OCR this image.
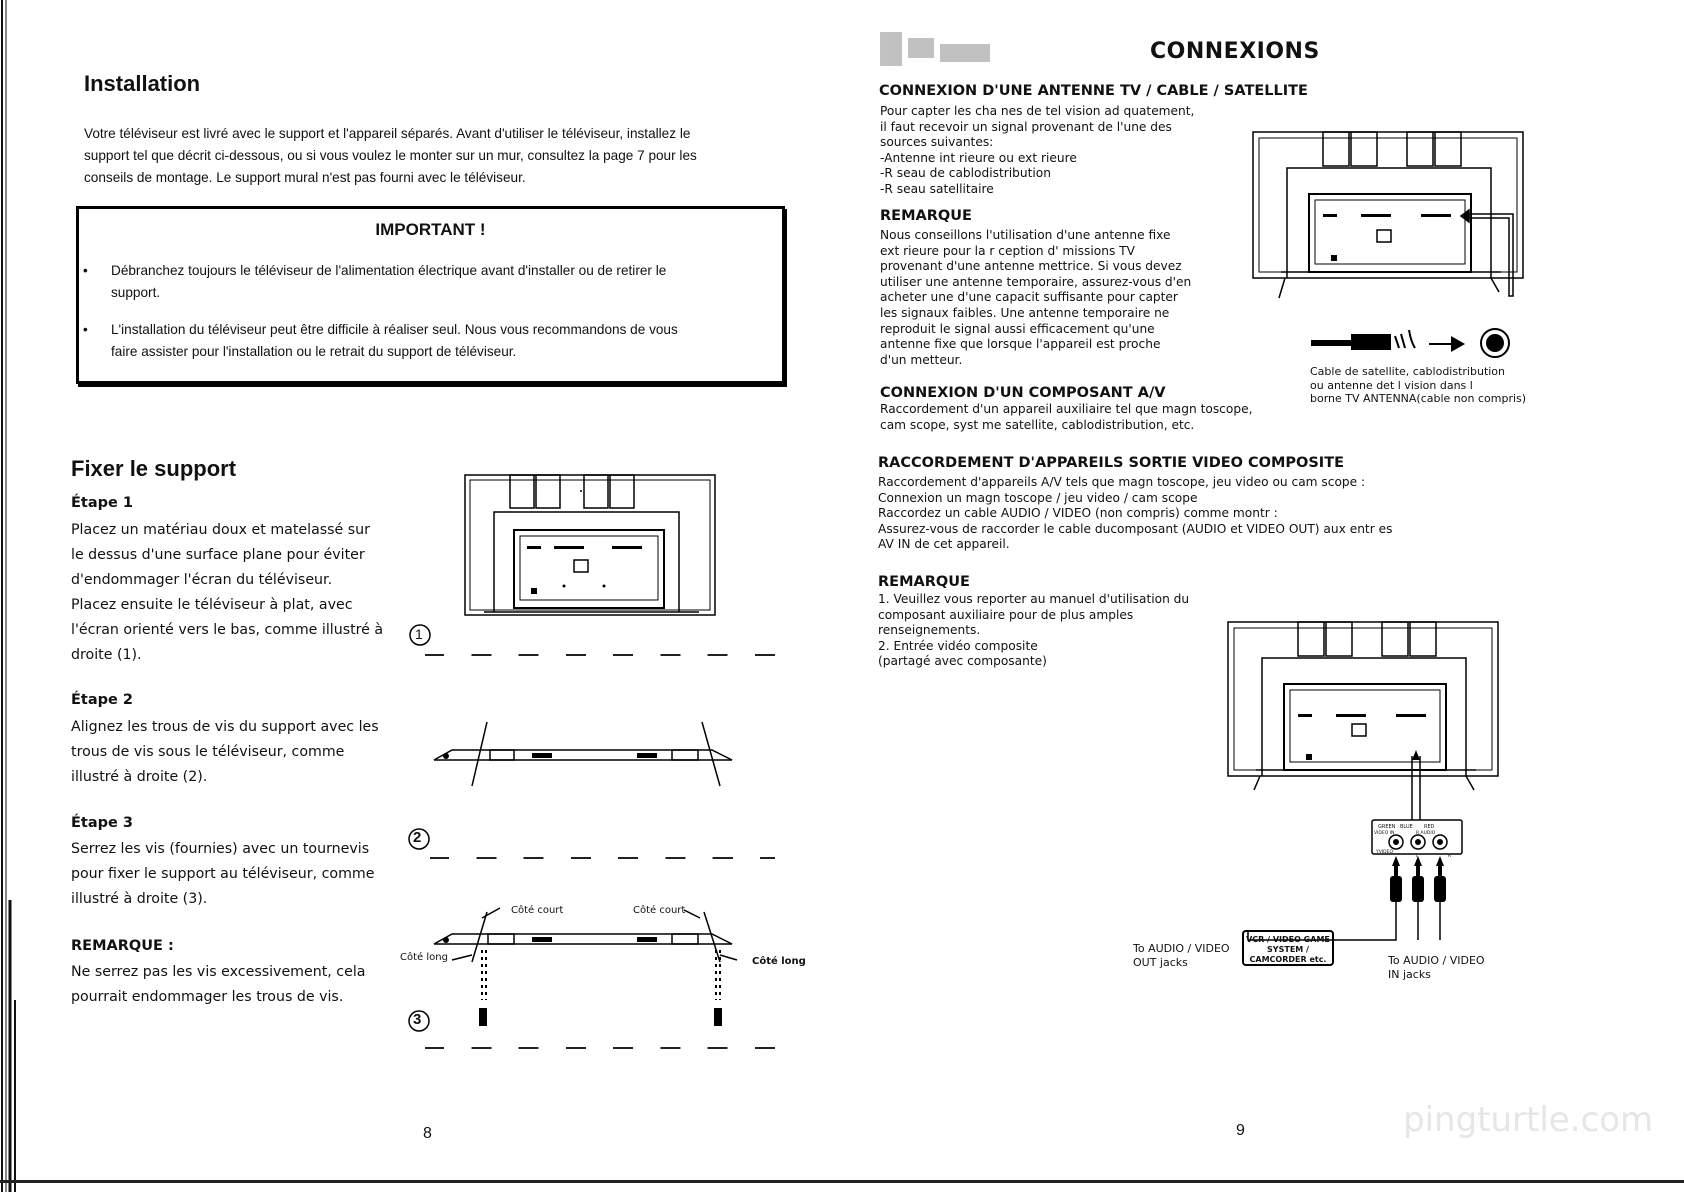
Installation
Votre téléviseur est livré avec le support et l'appareil séparés. Avant d'utiliser le téléviseur, installez le
support tel que décrit ci-dessous, ou si vous voulez le monter sur un mur, consultez la page 7 pour les
conseils de montage. Le support mural n'est pas fourni avec le téléviseur.
IMPORTANT !
• Débranchez toujours le téléviseur de l'alimentation électrique avant d'installer ou de retirer le
support.
• L'installation du téléviseur peut être difficile à réaliser seul. Nous vous recommandons de vous
faire assister pour l'installation ou le retrait du support de téléviseur.
Fixer le support
Étape 1
Placez un matériau doux et matelassé sur
le dessus d'une surface plane pour éviter
d'endommager l'écran du téléviseur.
Placez ensuite le téléviseur à plat, avec
l'écran orienté vers le bas, comme illustré à
droite (1).
Étape 2
Alignez les trous de vis du support avec les
trous de vis sous le téléviseur, comme
illustré à droite (2).
Étape 3
Serrez les vis (fournies) avec un tournevis
pour fixer le support au téléviseur, comme
illustré à droite (3).
REMARQUE :
Ne serrez pas les vis excessivement, cela
pourrait endommager les trous de vis.
1
2
Côté court	Côté court
Côté long	Côté long
3
8
CONNEXIONS
CONNEXION D'UNE ANTENNE TV / CABLE / SATELLITE
Pour capter les cha nes de tel vision ad quatement,
il faut recevoir un signal provenant de l'une des
sources suivantes:
-Antenne int rieure ou ext rieure
-R seau de cablodistribution
-R seau satellitaire
REMARQUE
Nous conseillons l'utilisation d'une antenne fixe
ext rieure pour la r ception d' missions TV
provenant d'une antenne mettrice. Si vous devez
utiliser une antenne temporaire, assurez-vous d'en
acheter une d'une capacit suffisante pour capter
les signaux faibles. Une antenne temporaire ne
reproduit le signal aussi efficacement qu'une
antenne fixe que lorsque l'appareil est proche
d'un metteur.
Cable de satellite, cablodistribution
ou antenne det l vision dans l
borne TV ANTENNA(cable non compris)
CONNEXION D'UN COMPOSANT A/V
Raccordement d'un appareil auxiliaire tel que magn toscope,
cam scope, syst me satellite, cablodistribution, etc.
RACCORDEMENT D'APPAREILS SORTIE VIDEO COMPOSITE
Raccordement d'appareils A/V tels que magn toscope, jeu video ou cam scope :
Connexion un magn toscope / jeu video / cam scope
Raccordez un cable AUDIO / VIDEO (non compris) comme montr :
Assurez-vous de raccorder le cable ducomposant (AUDIO et VIDEO OUT) aux entr es
AV IN de cet appareil.
REMARQUE
1. Veuillez vous reporter au manuel d'utilisation du
composant auxiliaire pour de plus amples
renseignements.
2. Entrée vidéo composite
(partagé avec composante)
GREEN BLUE RED
VIDEO IN	R AUDIO
L	R
YVIDEO
VCR / VIDEO GAME
SYSTEM /
CAMCORDER etc.
To AUDIO / VIDEO
OUT jacks	To AUDIO / VIDEO
IN jacks
9	pingturtle.com
